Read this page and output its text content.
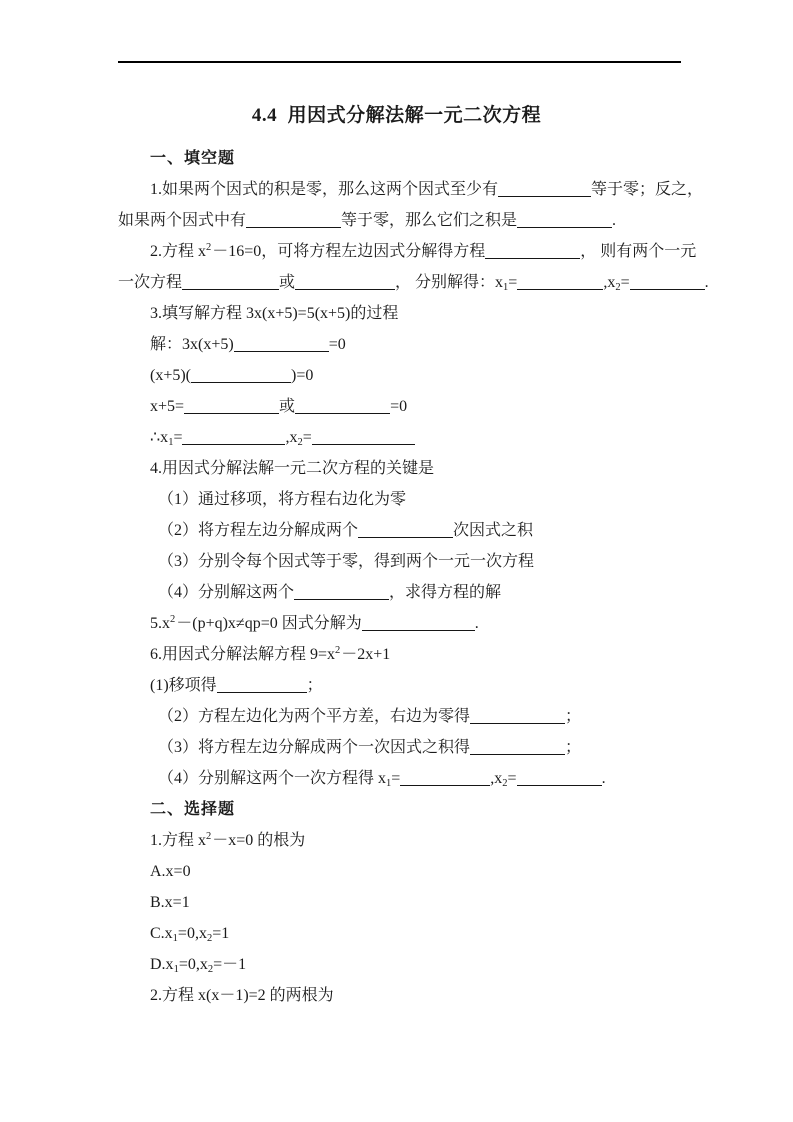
4.4  用因式分解法解一元二次方程
一、填空题
1.如果两个因式的积是零，那么这两个因式至少有	等于零；反之，
如果两个因式中有	等于零，那么它们之积是	.
2.方程 $x^2-16=0$，可将方程左边因式分解得方程	， 则有两个一元
一次方程	或	， 分别解得：$x_1=$	$,x_2=$	.
3.填写解方程 3x(x+5)=5(x+5)的过程
解：3x(x+5)	=0
(x+5)(	)=0
x+5=	或	=0
$\therefore x_1=$	$,x_2=$
4.用因式分解法解一元二次方程的关键是
（1）通过移项，将方程右边化为零
（2）将方程左边分解成两个	次因式之积
（3）分别令每个因式等于零，得到两个一元一次方程
（4）分别解这两个	，求得方程的解
$5.x^2-(p+q)x\ne qp=0$ 因式分解为	.
6.用因式分解法解方程 $9=x^2-2x+1$
(1)移项得	；
（2）方程左边化为两个平方差，右边为零得	；
（3）将方程左边分解成两个一次因式之积得	；
（4）分别解这两个一次方程得 $x_1=$	$,x_2=$	.
二、选择题
1.方程 $x^2-x=0$ 的根为
A.x=0
B.x=1
$C.x_1=0,x_2=1$
$D.x_1=0,x_2=-1$
2.方程 x(x－1)=2 的两根为
